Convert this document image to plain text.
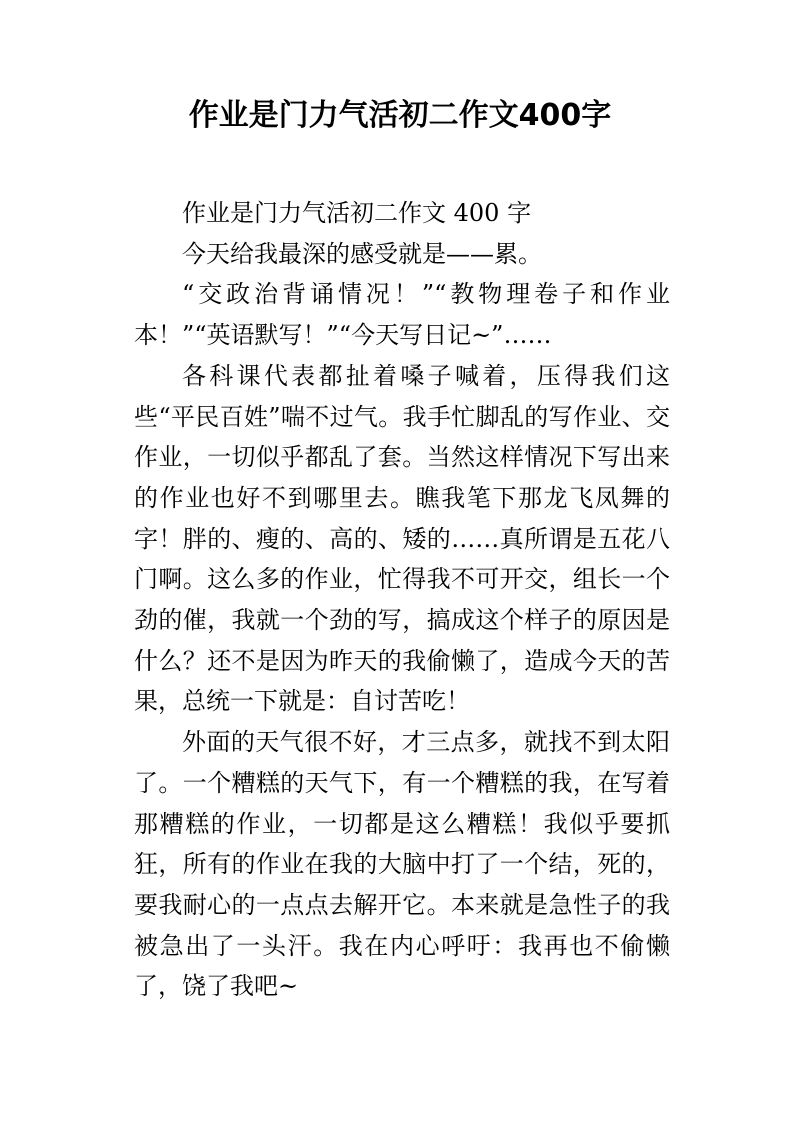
作业是门力气活初二作文400字

作业是门力气活初二作文 400 字

今天给我最深的感受就是——累。

“交政治背诵情况！”“教物理卷子和作业本！”“英语默写！”“今天写日记~”……

各科课代表都扯着嗓子喊着，压得我们这些“平民百姓”喘不过气。我手忙脚乱的写作业、交作业，一切似乎都乱了套。当然这样情况下写出来的作业也好不到哪里去。瞧我笔下那龙飞凤舞的字！胖的、瘦的、高的、矮的……真所谓是五花八门啊。这么多的作业，忙得我不可开交，组长一个劲的催，我就一个劲的写，搞成这个样子的原因是什么？还不是因为昨天的我偷懒了，造成今天的苦果，总统一下就是：自讨苦吃！

外面的天气很不好，才三点多，就找不到太阳了。一个糟糕的天气下，有一个糟糕的我，在写着那糟糕的作业，一切都是这么糟糕！我似乎要抓狂，所有的作业在我的大脑中打了一个结，死的，要我耐心的一点点去解开它。本来就是急性子的我被急出了一头汗。我在内心呼吁：我再也不偷懒了，饶了我吧~
